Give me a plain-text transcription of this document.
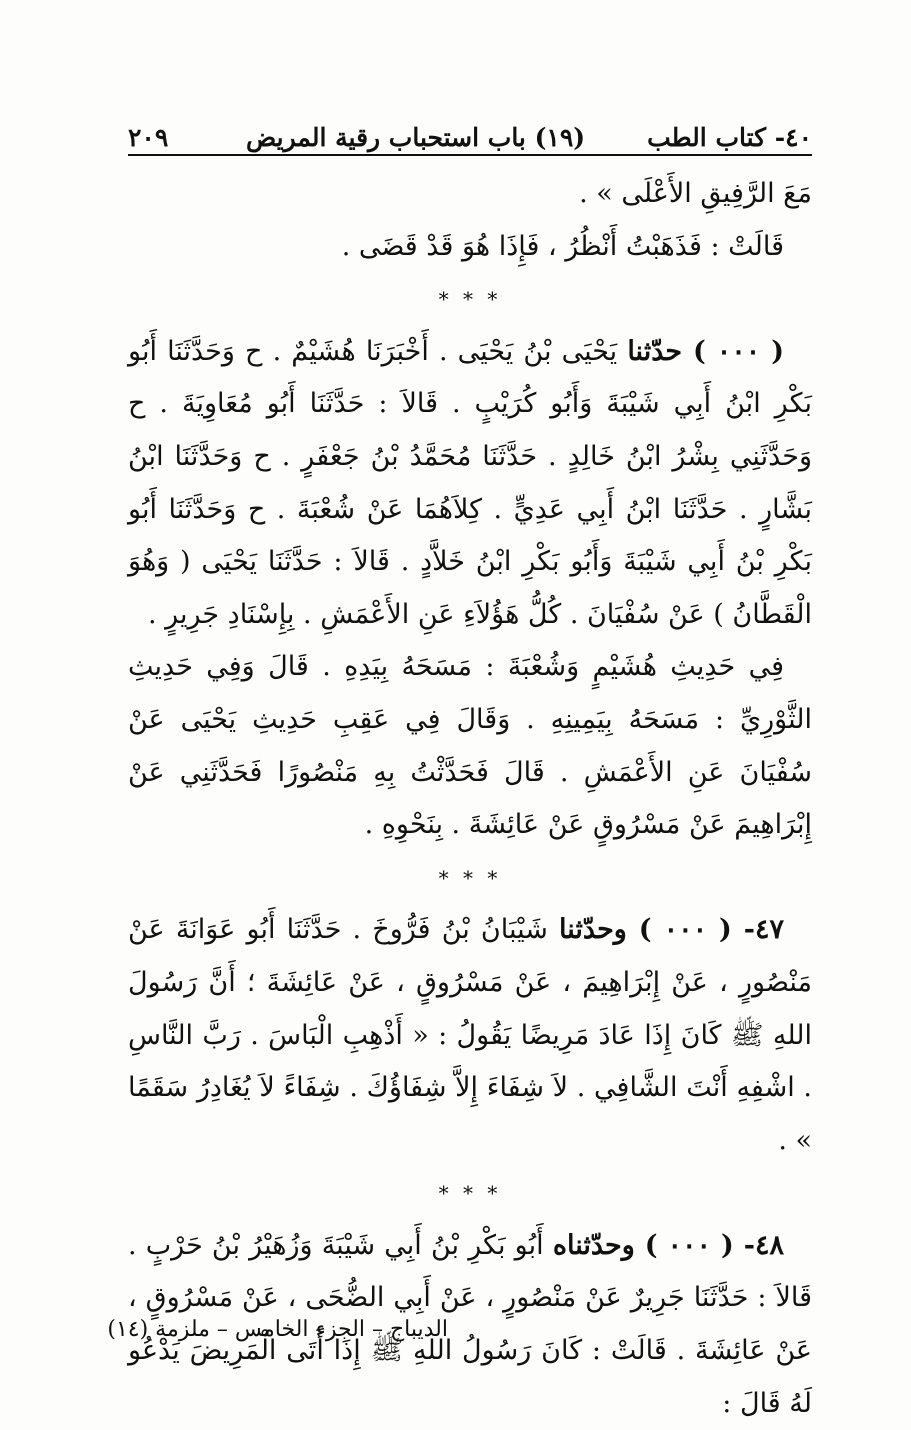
٤٠- كتاب الطب
(١٩) باب استحباب رقية المريض
٢٠٩

مَعَ الرَّفِيقِ الأَعْلَى » .

قَالَتْ : فَذَهَبْتُ أَنْظُرُ ، فَإِذَا هُوَ قَدْ قَضَى .

* * *

( ٠٠٠ ) حدّثنا يَحْيَى بْنُ يَحْيَى . أَخْبَرَنَا هُشَيْمٌ . ح وَحَدَّثَنَا أَبُو بَكْرِ ابْنُ أَبِي شَيْبَةَ وَأَبُو كُرَيْبٍ . قَالاَ : حَدَّثَنَا أَبُو مُعَاوِيَةَ . ح وَحَدَّثَنِي بِشْرُ ابْنُ خَالِدٍ . حَدَّثَنَا مُحَمَّدُ بْنُ جَعْفَرٍ . ح وَحَدَّثَنَا ابْنُ بَشَّارٍ . حَدَّثَنَا ابْنُ أَبِي عَدِيٍّ . كِلاَهُمَا عَنْ شُعْبَةَ . ح وَحَدَّثَنَا أَبُو بَكْرِ بْنُ أَبِي شَيْبَةَ وَأَبُو بَكْرِ ابْنُ خَلاَّدٍ . قَالاَ : حَدَّثَنَا يَحْيَى ( وَهُوَ الْقَطَّانُ ) عَنْ سُفْيَانَ . كُلُّ هَؤُلاَءِ عَنِ الأَعْمَشِ . بِإِسْنَادِ جَرِيرٍ .

فِي حَدِيثِ هُشَيْمٍ وَشُعْبَةَ : مَسَحَهُ بِيَدِهِ . قَالَ وَفِي حَدِيثِ الثَّوْرِيِّ : مَسَحَهُ بِيَمِينِهِ . وَقَالَ فِي عَقِبِ حَدِيثِ يَحْيَى عَنْ سُفْيَانَ عَنِ الأَعْمَشِ . قَالَ فَحَدَّثْتُ بِهِ مَنْصُورًا فَحَدَّثَنِي عَنْ إِبْرَاهِيمَ عَنْ مَسْرُوقٍ عَنْ عَائِشَةَ . بِنَحْوِهِ .

* * *

٤٧- ( ٠٠٠ ) وحدّثنا شَيْبَانُ بْنُ فَرُّوخَ . حَدَّثَنَا أَبُو عَوَانَةَ عَنْ مَنْصُورٍ ، عَنْ إِبْرَاهِيمَ ، عَنْ مَسْرُوقٍ ، عَنْ عَائِشَةَ ؛ أَنَّ رَسُولَ اللهِ ﷺ كَانَ إِذَا عَادَ مَرِيضًا يَقُولُ : « أَذْهِبِ الْبَاسَ . رَبَّ النَّاسِ . اشْفِهِ أَنْتَ الشَّافِي . لاَ شِفَاءَ إِلاَّ شِفَاؤُكَ . شِفَاءً لاَ يُغَادِرُ سَقَمًا » .

* * *

٤٨- ( ٠٠٠ ) وحدّثناه أَبُو بَكْرِ بْنُ أَبِي شَيْبَةَ وَزُهَيْرُ بْنُ حَرْبٍ . قَالاَ : حَدَّثَنَا جَرِيرٌ عَنْ مَنْصُورٍ ، عَنْ أَبِي الضُّحَى ، عَنْ مَسْرُوقٍ ، عَنْ عَائِشَةَ . قَالَتْ : كَانَ رَسُولُ اللهِ ﷺ إِذَا أَتَى الْمَرِيضَ يَدْعُو لَهُ قَالَ :

الديباج – الجزء الخامس – ملزمة (١٤)
